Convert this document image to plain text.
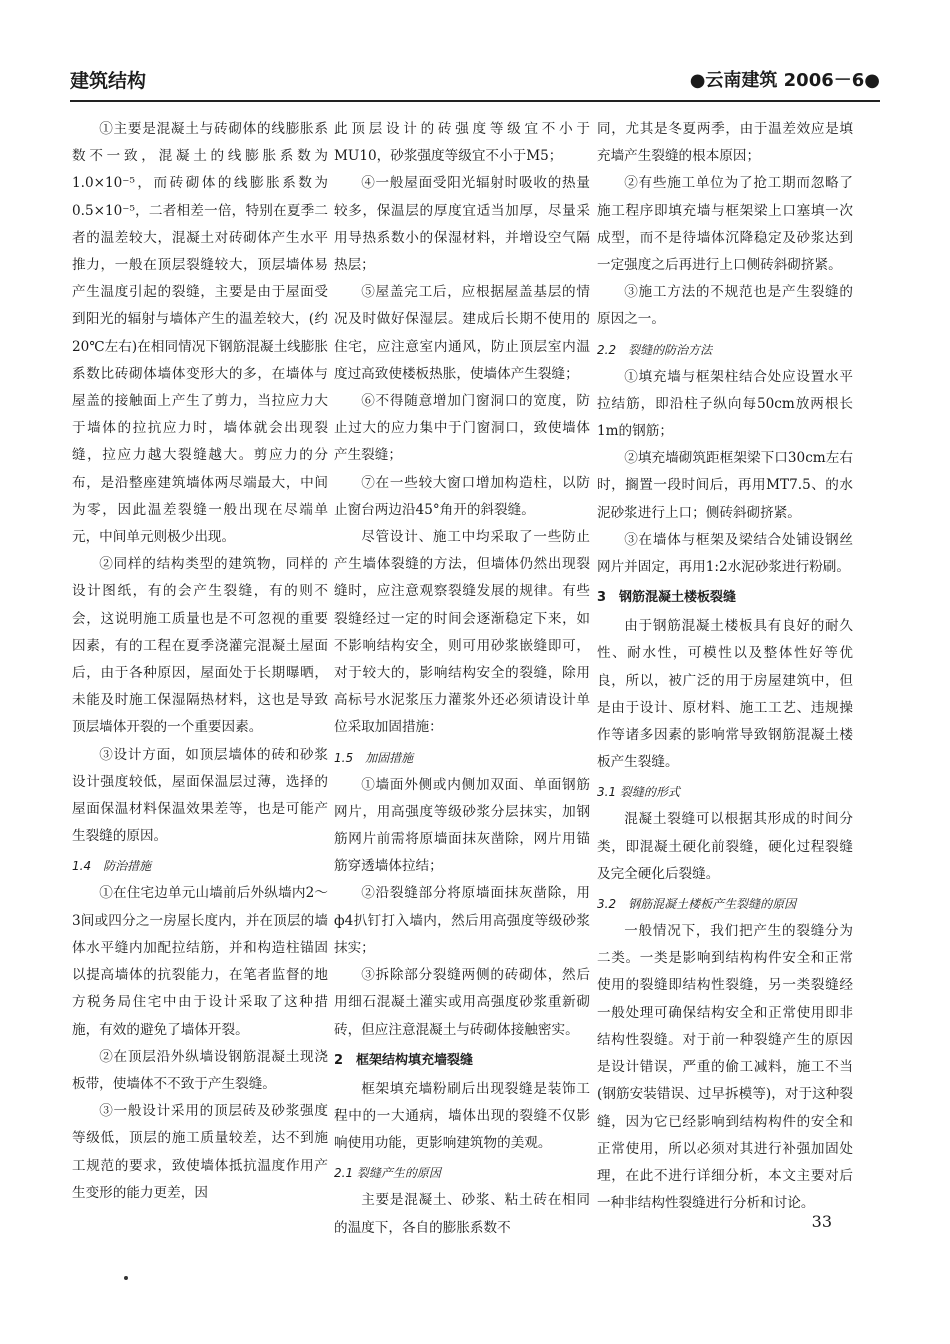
建筑结构	●云南建筑 2006－6●

①主要是混凝土与砖砌体的线膨胀系数不一致，混凝土的线膨胀系数为1.0×10⁻⁵，而砖砌体的线膨胀系数为0.5×10⁻⁵，二者相差一倍，特别在夏季二者的温差较大，混凝土对砖砌体产生水平推力，一般在顶层裂缝较大，顶层墙体易产生温度引起的裂缝，主要是由于屋面受到阳光的辐射与墙体产生的温差较大，(约20℃左右)在相同情况下钢筋混凝土线膨胀系数比砖砌体墙体变形大的多，在墙体与屋盖的接触面上产生了剪力，当拉应力大于墙体的拉抗应力时，墙体就会出现裂缝，拉应力越大裂缝越大。剪应力的分布，是沿整座建筑墙体两尽端最大，中间为零，因此温差裂缝一般出现在尽端单元，中间单元则极少出现。

②同样的结构类型的建筑物，同样的设计图纸，有的会产生裂缝，有的则不会，这说明施工质量也是不可忽视的重要因素，有的工程在夏季浇灌完混凝土屋面后，由于各种原因，屋面处于长期曝晒，未能及时施工保湿隔热材料，这也是导致顶层墙体开裂的一个重要因素。

③设计方面，如顶层墙体的砖和砂浆设计强度较低，屋面保温层过薄，选择的屋面保温材料保温效果差等，也是可能产生裂缝的原因。

1.4　防治措施

①在住宅边单元山墙前后外纵墙内2～3间或四分之一房屋长度内，并在顶层的墙体水平缝内加配拉结筋，并和构造柱锚固以提高墙体的抗裂能力，在笔者监督的地方税务局住宅中由于设计采取了这种措施，有效的避免了墙体开裂。

②在顶层沿外纵墙设钢筋混凝土现浇板带，使墙体不不致于产生裂缝。

③一般设计采用的顶层砖及砂浆强度等级低，顶层的施工质量较差，达不到施工规范的要求，致使墙体抵抗温度作用产生变形的能力更差，因

此顶层设计的砖强度等级宜不小于MU10，砂浆强度等级宜不小于M5；

④一般屋面受阳光辐射时吸收的热量较多，保温层的厚度宜适当加厚，尽量采用导热系数小的保湿材料，并增设空气隔热层；

⑤屋盖完工后，应根据屋盖基层的情况及时做好保湿层。建成后长期不使用的住宅，应注意室内通风，防止顶层室内温度过高致使楼板热胀，使墙体产生裂缝；

⑥不得随意增加门窗洞口的宽度，防止过大的应力集中于门窗洞口，致使墙体产生裂缝；

⑦在一些较大窗口增加构造柱，以防止窗台两边沿45°角开的斜裂缝。

尽管设计、施工中均采取了一些防止产生墙体裂缝的方法，但墙体仍然出现裂缝时，应注意观察裂缝发展的规律。有些裂缝经过一定的时间会逐渐稳定下来，如不影响结构安全，则可用砂浆嵌缝即可，对于较大的，影响结构安全的裂缝，除用高标号水泥浆压力灌浆外还必须请设计单位采取加固措施：

1.5　加固措施

①墙面外侧或内侧加双面、单面钢筋网片，用高强度等级砂浆分层抹实，加钢筋网片前需将原墙面抹灰凿除，网片用锚筋穿透墙体拉结；

②沿裂缝部分将原墙面抹灰凿除，用ф4扒钉打入墙内，然后用高强度等级砂浆抹实；

③拆除部分裂缝两侧的砖砌体，然后用细石混凝土灌实或用高强度砂浆重新砌砖，但应注意混凝土与砖砌体接触密实。

2　框架结构填充墙裂缝

框架填充墙粉刷后出现裂缝是装饰工程中的一大通病，墙体出现的裂缝不仅影响使用功能，更影响建筑物的美观。

2.1 裂缝产生的原因

主要是混凝土、砂浆、粘土砖在相同的温度下，各自的膨胀系数不

同，尤其是冬夏两季，由于温差效应是填充墙产生裂缝的根本原因；

②有些施工单位为了抢工期而忽略了施工程序即填充墙与框架梁上口塞填一次成型，而不是待墙体沉降稳定及砂浆达到一定强度之后再进行上口侧砖斜砌挤紧。

③施工方法的不规范也是产生裂缝的原因之一。

2.2　裂缝的防治方法

①填充墙与框架柱结合处应设置水平拉结筋，即沿柱子纵向每50cm放两根长1m的钢筋；

②填充墙砌筑距框架梁下口30cm左右时，搁置一段时间后，再用MT7.5、的水泥砂浆进行上口；侧砖斜砌挤紧。

③在墙体与框架及梁结合处铺设钢丝网片并固定，再用1:2水泥砂浆进行粉刷。

3　钢筋混凝土楼板裂缝

由于钢筋混凝土楼板具有良好的耐久性、耐水性，可模性以及整体性好等优良，所以，被广泛的用于房屋建筑中，但是由于设计、原材料、施工工艺、违规操作等诸多因素的影响常导致钢筋混凝土楼板产生裂缝。

3.1 裂缝的形式

混凝土裂缝可以根据其形成的时间分类，即混凝土硬化前裂缝，硬化过程裂缝及完全硬化后裂缝。

3.2　钢筋混凝土楼板产生裂缝的原因

一般情况下，我们把产生的裂缝分为二类。一类是影响到结构构件安全和正常使用的裂缝即结构性裂缝，另一类裂缝经一般处理可确保结构安全和正常使用即非结构性裂缝。对于前一种裂缝产生的原因是设计错误，严重的偷工减料，施工不当(钢筋安装错误、过早拆模等)，对于这种裂缝，因为它已经影响到结构构件的安全和正常使用，所以必须对其进行补强加固处理，在此不进行详细分析，本文主要对后一种非结构性裂缝进行分析和讨论。

33
